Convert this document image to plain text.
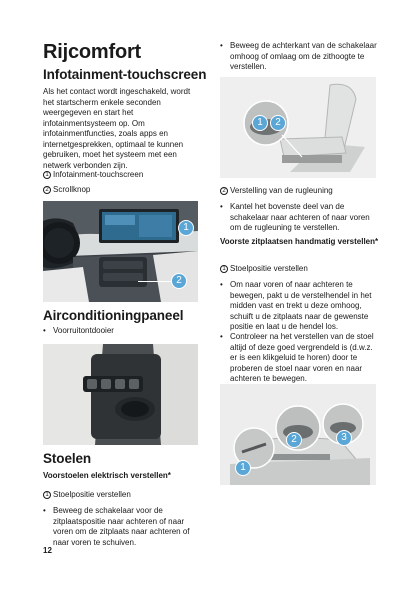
Rijcomfort
Infotainment-touchscreen
Als het contact wordt ingeschakeld, wordt het startscherm enkele seconden weergegeven en start het infotainmentsysteem op. Om infotainmentfuncties, zoals apps en internetgesprekken, optimaal te kunnen gebruiken, moet het systeem met een netwerk verbonden zijn.
1 Infotainment-touchscreen
2 Scrollknop
1
2
Airconditioningpaneel
• Voorruitontdooier
Stoelen
Voorstoelen elektrisch verstellen*
1 Stoelpositie verstellen
• Beweeg de schakelaar voor de zitplaatspositie naar achteren of naar voren om de zitplaats naar achteren of naar voren te schuiven.
12
• Beweeg de achterkant van de schakelaar omhoog of omlaag om de zithoogte te verstellen.
1	2
2 Verstelling van de rugleuning
• Kantel het bovenste deel van de schakelaar naar achteren of naar voren om de rugleuning te verstellen.
Voorste zitplaatsen handmatig verstellen*
1 Stoelpositie verstellen
• Om naar voren of naar achteren te bewegen, pakt u de verstelhendel in het midden vast en trekt u deze omhoog, schuift u de zitplaats naar de gewenste positie en laat u de hendel los.
• Controleer na het verstellen van de stoel altijd of deze goed vergrendeld is (d.w.z. er is een klikgeluid te horen) door te proberen de stoel naar voren en naar achteren te bewegen.
1
2	3
